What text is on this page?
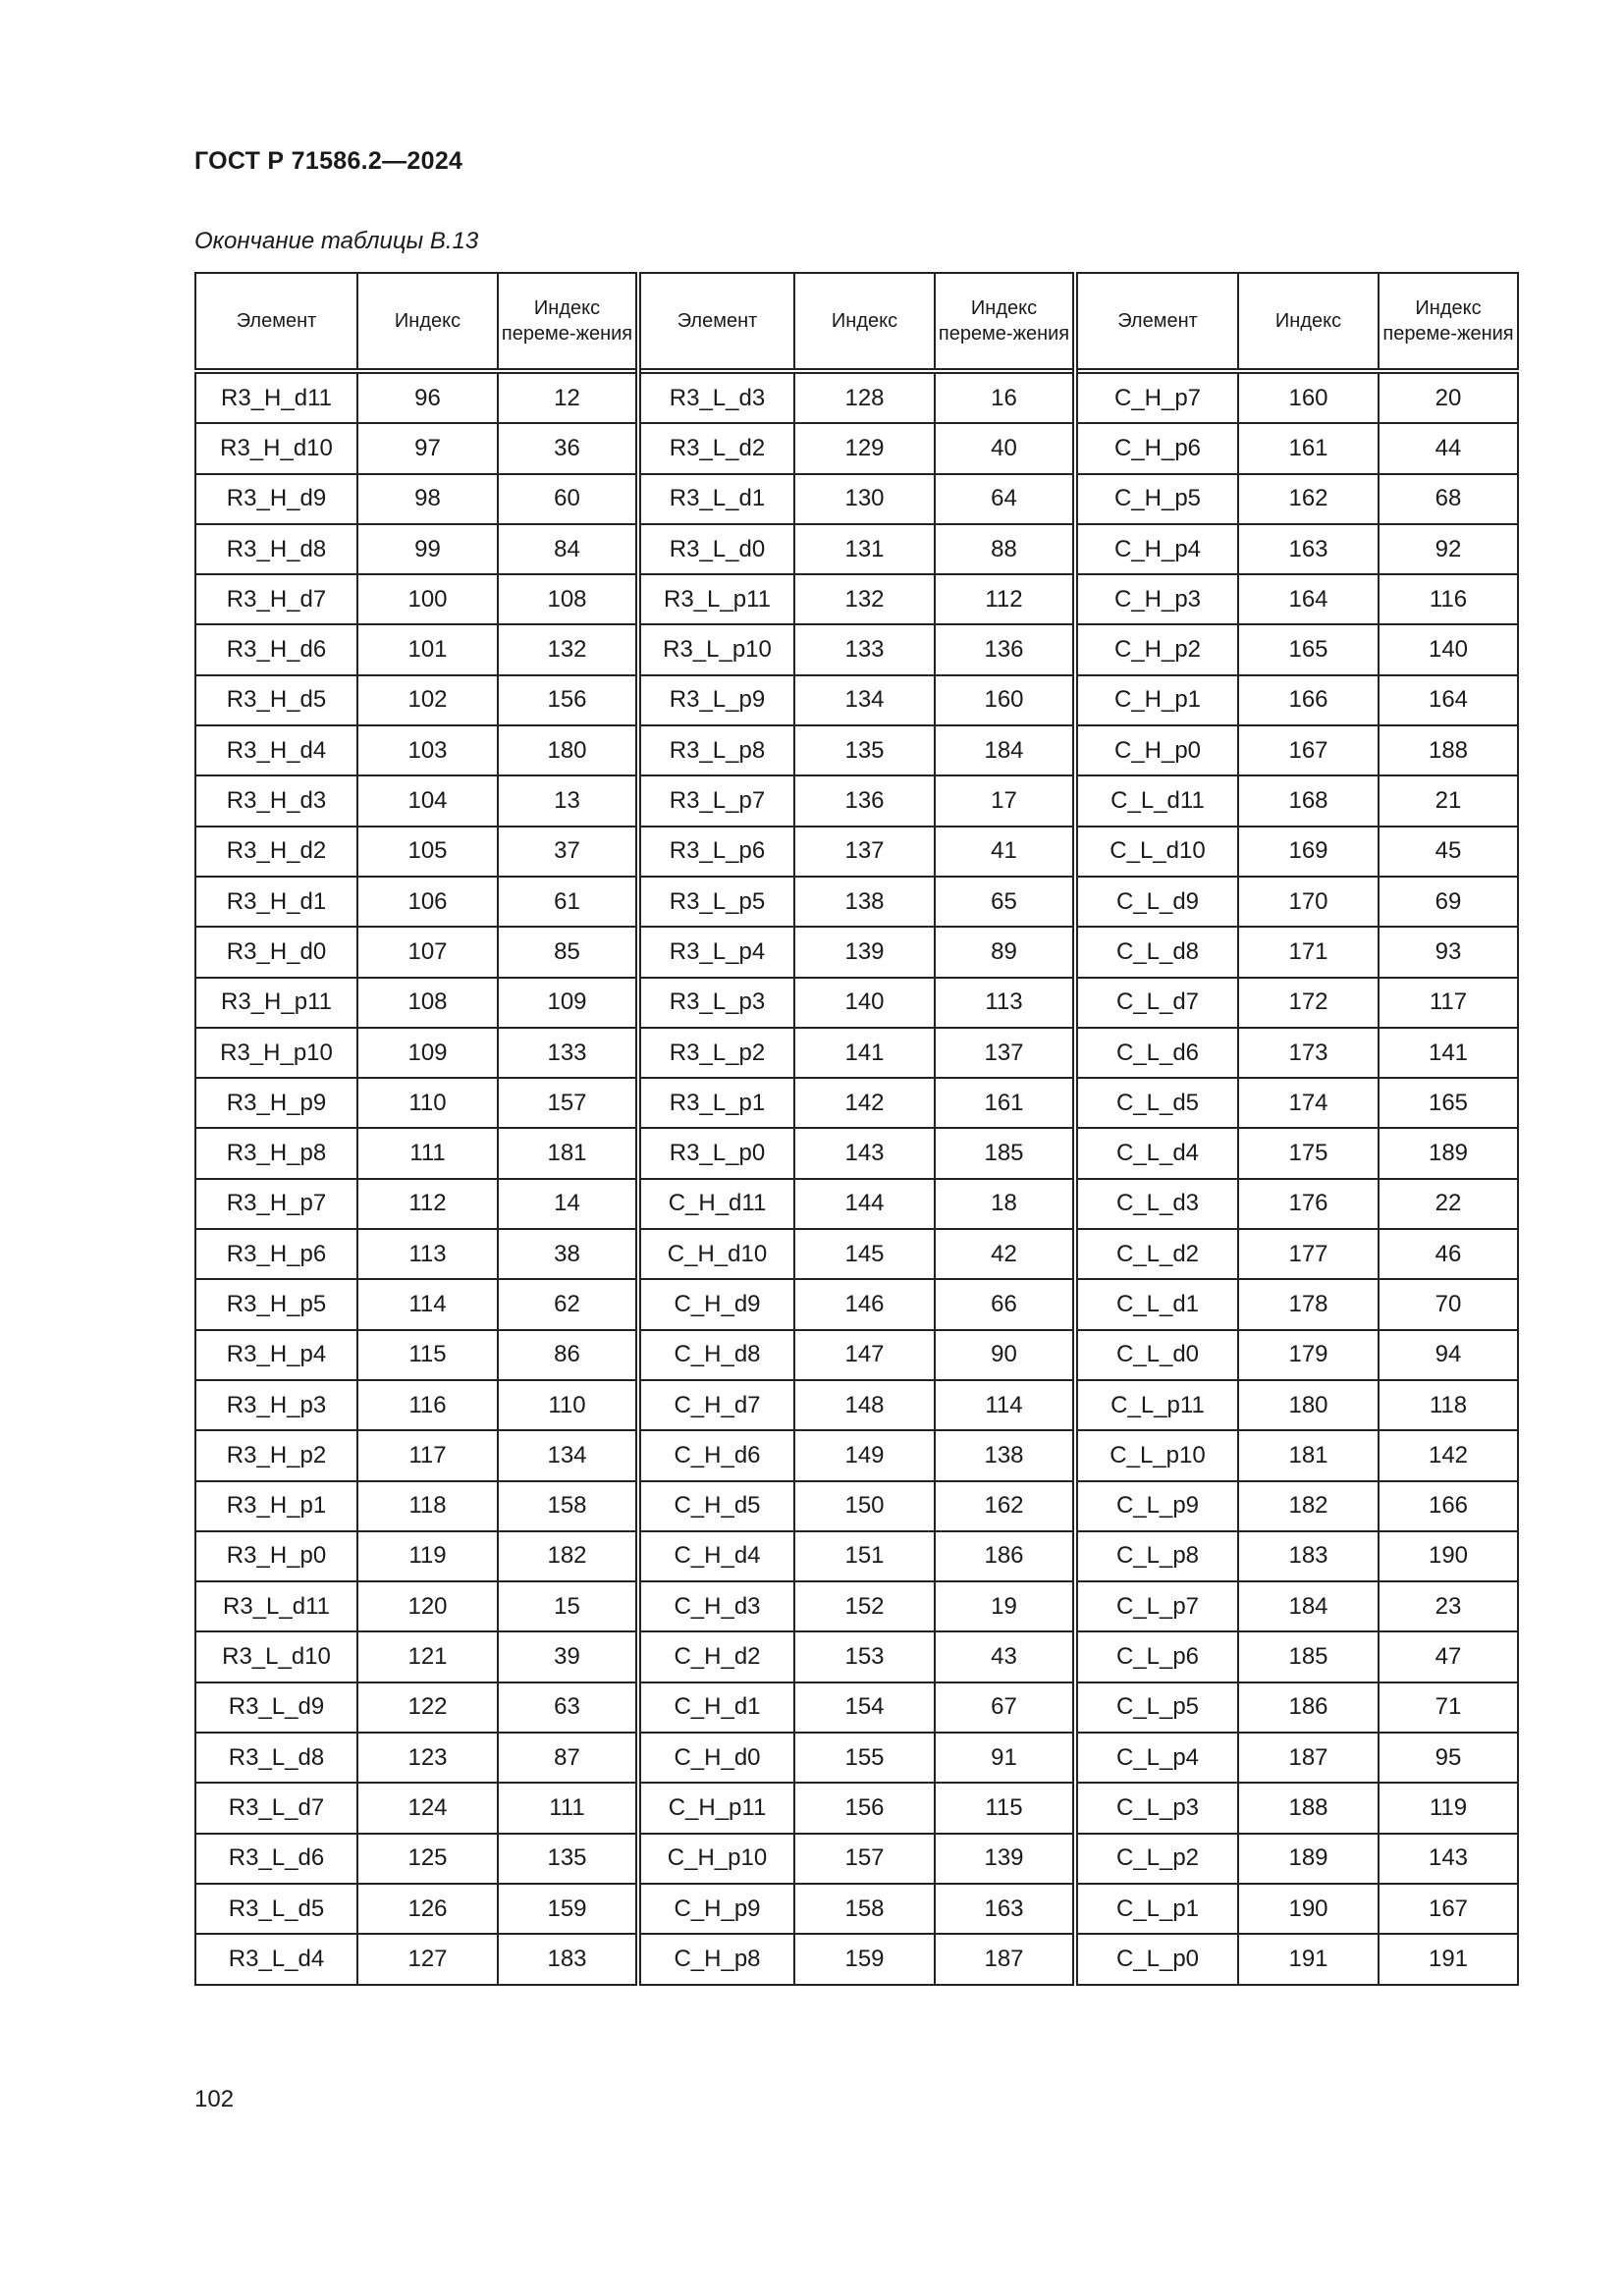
ГОСТ Р 71586.2—2024
Окончание таблицы В.13
Элемент	Индекс	Индекс переме-жения	Элемент	Индекс	Индекс переме-жения	Элемент	Индекс	Индекс переме-жения
R3_H_d11	96	12	R3_L_d3	128	16	C_H_p7	160	20
R3_H_d10	97	36	R3_L_d2	129	40	C_H_p6	161	44
R3_H_d9	98	60	R3_L_d1	130	64	C_H_p5	162	68
R3_H_d8	99	84	R3_L_d0	131	88	C_H_p4	163	92
R3_H_d7	100	108	R3_L_p11	132	112	C_H_p3	164	116
R3_H_d6	101	132	R3_L_p10	133	136	C_H_p2	165	140
R3_H_d5	102	156	R3_L_p9	134	160	C_H_p1	166	164
R3_H_d4	103	180	R3_L_p8	135	184	C_H_p0	167	188
R3_H_d3	104	13	R3_L_p7	136	17	C_L_d11	168	21
R3_H_d2	105	37	R3_L_p6	137	41	C_L_d10	169	45
R3_H_d1	106	61	R3_L_p5	138	65	C_L_d9	170	69
R3_H_d0	107	85	R3_L_p4	139	89	C_L_d8	171	93
R3_H_p11	108	109	R3_L_p3	140	113	C_L_d7	172	117
R3_H_p10	109	133	R3_L_p2	141	137	C_L_d6	173	141
R3_H_p9	110	157	R3_L_p1	142	161	C_L_d5	174	165
R3_H_p8	111	181	R3_L_p0	143	185	C_L_d4	175	189
R3_H_p7	112	14	C_H_d11	144	18	C_L_d3	176	22
R3_H_p6	113	38	C_H_d10	145	42	C_L_d2	177	46
R3_H_p5	114	62	C_H_d9	146	66	C_L_d1	178	70
R3_H_p4	115	86	C_H_d8	147	90	C_L_d0	179	94
R3_H_p3	116	110	C_H_d7	148	114	C_L_p11	180	118
R3_H_p2	117	134	C_H_d6	149	138	C_L_p10	181	142
R3_H_p1	118	158	C_H_d5	150	162	C_L_p9	182	166
R3_H_p0	119	182	C_H_d4	151	186	C_L_p8	183	190
R3_L_d11	120	15	C_H_d3	152	19	C_L_p7	184	23
R3_L_d10	121	39	C_H_d2	153	43	C_L_p6	185	47
R3_L_d9	122	63	C_H_d1	154	67	C_L_p5	186	71
R3_L_d8	123	87	C_H_d0	155	91	C_L_p4	187	95
R3_L_d7	124	111	C_H_p11	156	115	C_L_p3	188	119
R3_L_d6	125	135	C_H_p10	157	139	C_L_p2	189	143
R3_L_d5	126	159	C_H_p9	158	163	C_L_p1	190	167
R3_L_d4	127	183	C_H_p8	159	187	C_L_p0	191	191
102
